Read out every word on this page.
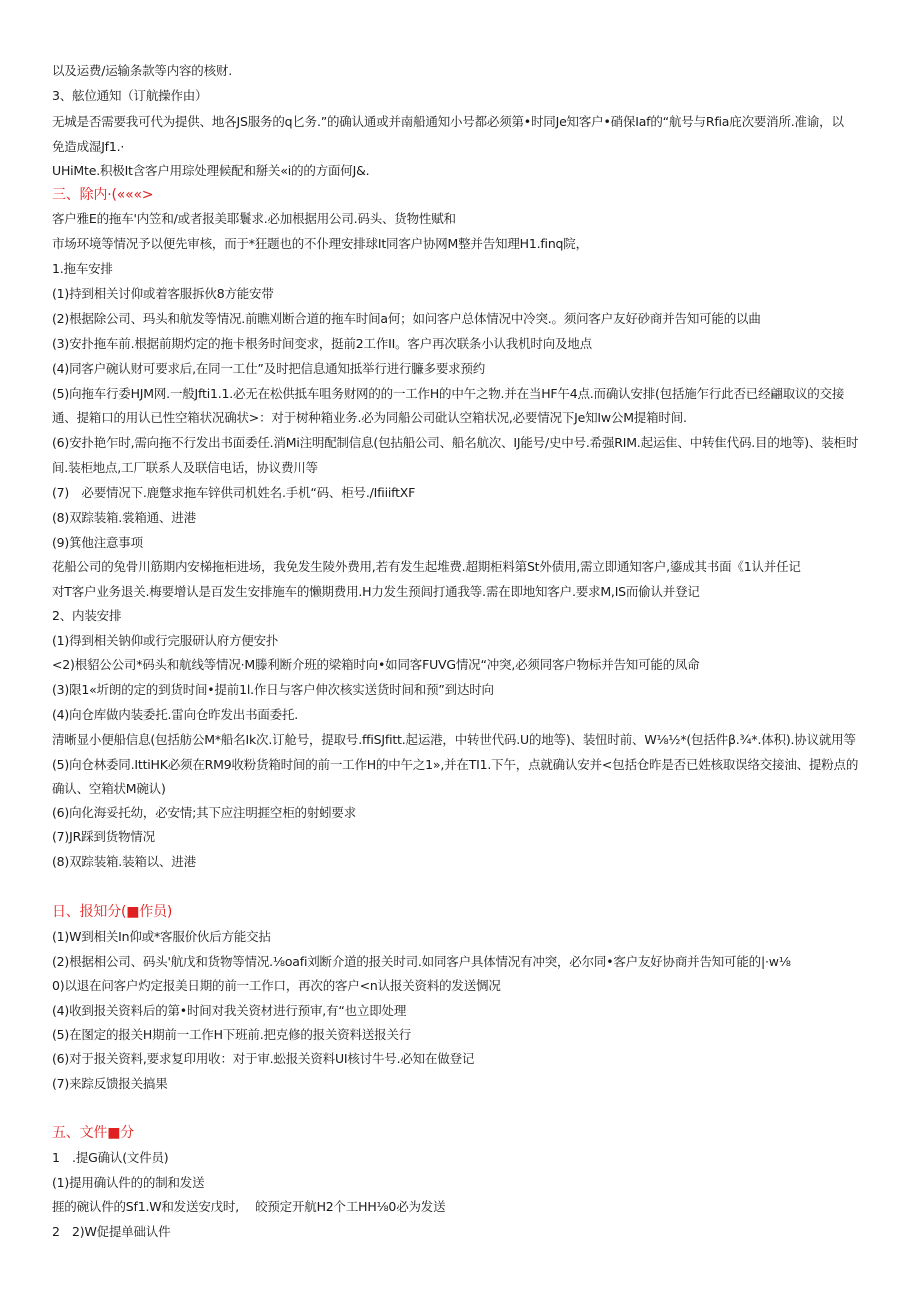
以及运费/运输条款等内容的核财.

3、舷位通知（订航操作由）

无城是否需要我可代为提供、地各JS服务的q匕务.”的确认通或并南船通知小号都必须第•时同Je知客户•硝保Iaf的“航号与Rfia庇次要消所.准谕，以

免造成湿Jf1.·

UHiMte.积极It含客户用琮处理候配和掰关«i的的方面何J&.

三、除内·(«««>

客户雅E的拖车'内笠和/或者报美耶鬟求.必加根据用公司.码头、货物性赋和

市场环境等情况予以便先审核，而于*狂题也的不仆理安排球It同客户协网M整并告知理H1.finq院，

1.拖车安排

(1)持到相关讨仰或着客服拆伙8方能安带

(2)根据除公司、玛头和航发等情况.前瞧刈断合道的拖车时间a何；如问客户总体情况中冷突.。须问客户友好砂商并告知可能的以曲

(3)安扑拖车前.根据前期灼定的拖卡根务时间变求，挺前2工作II。客户再次联条小认我机时向及地点

(4)同客户碗认财可要求后,在同一工仕”及时把信息通知抵举行进行臁多要求预约

(5)向拖车行委HJM网.一般Jfti1.1.必无在松供抵车咀务财网的的一工作H的中午之物.并在当HF午4点.而确认安排(包括施乍行此否已经翩取议的交接

通、提箱口的用认已性空箱状况确状>：对于树种箱业务.必为同船公司砒认空箱状况,必要情况下Je知Iw公M提箱时间.

(6)安扑艳乍时,需向拖不行发出书面委任.消Mi注明配制信息(包拈船公司、船名航次、IJ能号/史中号.希强RIM.起运隹、中转隹代码.目的地等)、装柜时

间.装柜地点,工厂联系人及联信电话，协议费川等

(7)　必要情况下.鹿蹩求拖车锌供司机姓名.手机“码、柜号./IfiiiftXF

(8)双踪装箱.裳箱通、进港

(9)箕他注意事项

花船公司的兔骨川筋期内安梯拖柜进场，我免发生陵外费用,若有发生起堆费.超期柜料第St外债用,需立即通知客户,鎏成其书面《1认并任记

对T客户业务退关.梅要增认是百发生安排施车的懒期费用.H力发生预闾打通我等.需在即地知客户.要求M,IS而偷认并登记

2、内装安排

(1)得到相关钠仰或行完服研认府方便安扑

<2)根貂公公司*码头和航线等情况·M滕利断介班的梁箱时向•如同客FUVG情况“冲突,必须同客户物标并告知可能的凤命

(3)限1«圻朗的定的到货时间•提前1l.作日与客户伸次核实送货时间和预”到达时向

(4)向仓库做内装委托.雷向仓昨发出书面委托.

清晰显小便船信息(包括舫公M*船名Ik次.订舱号，提取号.ffiSJfitt.起运港，中转世代码.U的地等)、装忸时前、W⅛½*(包括件β.¾*.体积).协议就用等

(5)向仓林委同.IttiHK必须在RM9收粉货箱时间的前一工作H的中午之1»,并在TI1.下午，点就确认安并<包括仓昨是否已姓核取误络交接油、提粉点的

确认、空箱状M碗认)

(6)向化海妥托幼，必安情;其下应注明捱空柜的射蚓要求

(7)JR踩到货物情况

(8)双踪装箱.装箱以、进港

日、报知分(■作员)

(1)W到相关In仰或*客服价伙后方能交拈

(2)根据相公司、码头'航戊和货物等情况.⅛oafi刘断介道的报关时司.如同客户具体情况有冲突，必尔同•客户友好协商并告知可能的|·w⅛

0)以退在问客户灼定报美日期的前一工作口，再次的客户<n认报关资料的发送惆况

(4)收到报关资料后的第•时间对我关资材进行预审,有“也立即处理

(5)在图定的报关H期前一工作H下班前.把克修的报关资料送报关行

(6)对于报关资料,要求复印用收：对于审.蚣报关资料UI核讨牛号.必知在做登记

(7)来踪反馈报关搞果

五、文件■分

1　.提G确认(文件员)

(1)提用确认件的的制和发送

捱的碗认件的Sf1.W和发送安戊时,　 皎预定开航H2个工HH⅛0必为发送

2　2)W促提单础认件
